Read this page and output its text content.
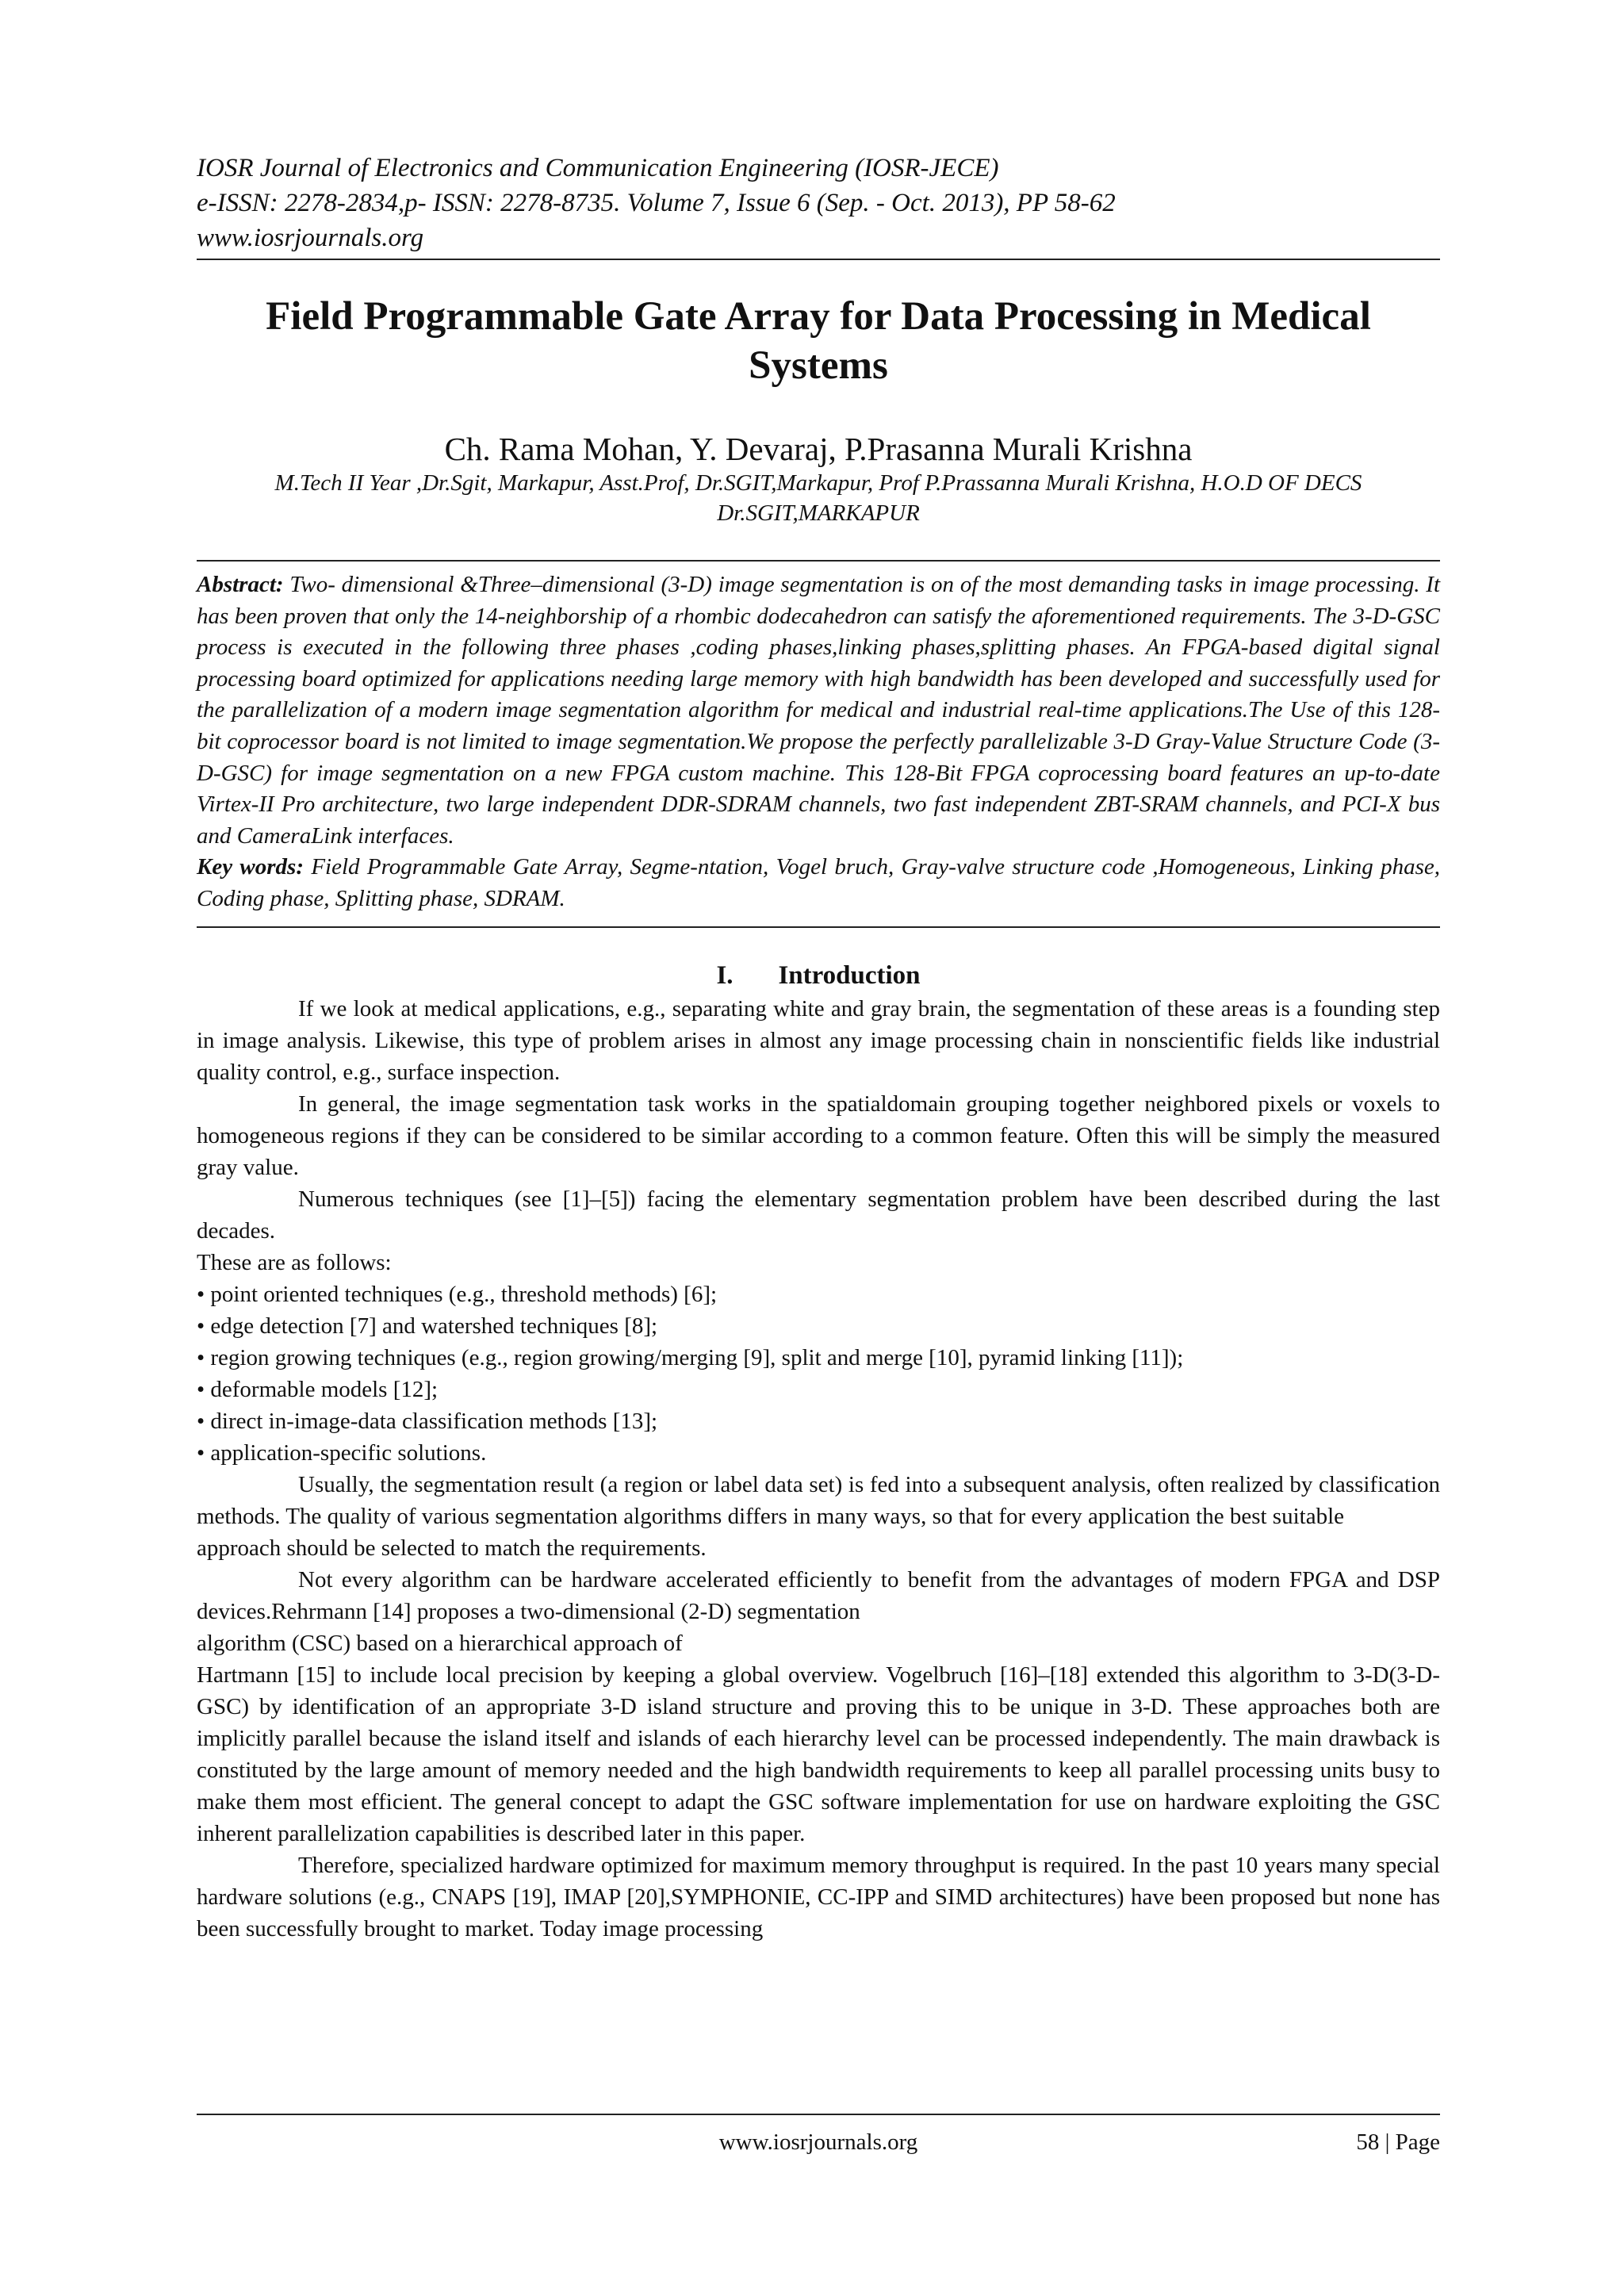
IOSR Journal of Electronics and Communication Engineering (IOSR-JECE)
e-ISSN: 2278-2834,p- ISSN: 2278-8735. Volume 7, Issue 6 (Sep. - Oct. 2013), PP 58-62
www.iosrjournals.org
Field Programmable Gate Array for Data Processing in Medical
Systems
Ch. Rama Mohan, Y. Devaraj, P.Prasanna Murali Krishna
M.Tech II Year ,Dr.Sgit, Markapur, Asst.Prof, Dr.SGIT,Markapur, Prof P.Prassanna Murali Krishna, H.O.D OF DECS Dr.SGIT,MARKAPUR

Abstract: Two- dimensional &Three–dimensional (3-D) image segmentation is on of the most demanding tasks in image processing. It has been proven that only the 14-neighborship of a rhombic dodecahedron can satisfy the aforementioned requirements. The 3-D-GSC process is executed in the following three phases ,coding phases,linking phases,splitting phases. An FPGA-based digital signal processing board optimized for applications needing large memory with high bandwidth has been developed and successfully used for the parallelization of a modern image segmentation algorithm for medical and industrial real-time applications.The Use of this 128-bit coprocessor board is not limited to image segmentation.We propose the perfectly parallelizable 3-D Gray-Value Structure Code (3-D-GSC) for image segmentation on a new FPGA custom machine. This 128-Bit FPGA coprocessing board features an up-to-date Virtex-II Pro architecture, two large independent DDR-SDRAM channels, two fast independent ZBT-SRAM channels, and PCI-X bus and CameraLink interfaces.

Key words: Field Programmable Gate Array, Segme-ntation, Vogel bruch, Gray-valve structure code ,Homogeneous, Linking phase, Coding phase, Splitting phase, SDRAM.

I. Introduction

If we look at medical applications, e.g., separating white and gray brain, the segmentation of these areas is a founding step in image analysis. Likewise, this type of problem arises in almost any image processing chain in nonscientific fields like industrial quality control, e.g., surface inspection.

In general, the image segmentation task works in the spatialdomain grouping together neighbored pixels or voxels to homogeneous regions if they can be considered to be similar according to a common feature. Often this will be simply the measured gray value.

Numerous techniques (see [1]–[5]) facing the elementary segmentation problem have been described during the last decades.

These are as follows:

• point oriented techniques (e.g., threshold methods) [6];

• edge detection [7] and watershed techniques [8];

• region growing techniques (e.g., region growing/merging [9], split and merge [10], pyramid linking [11]);

• deformable models [12];

• direct in-image-data classification methods [13];

• application-specific solutions.

Usually, the segmentation result (a region or label data set) is fed into a subsequent analysis, often realized by classification methods. The quality of various segmentation algorithms differs in many ways, so that for every application the best suitable

approach should be selected to match the requirements.

Not every algorithm can be hardware accelerated efficiently to benefit from the advantages of modern FPGA and DSP devices.Rehrmann [14] proposes a two-dimensional (2-D) segmentation

algorithm (CSC) based on a hierarchical approach of

Hartmann [15] to include local precision by keeping a global overview. Vogelbruch [16]–[18] extended this algorithm to 3-D(3-D-GSC) by identification of an appropriate 3-D island structure and proving this to be unique in 3-D. These approaches both are implicitly parallel because the island itself and islands of each hierarchy level can be processed independently. The main drawback is constituted by the large amount of memory needed and the high bandwidth requirements to keep all parallel processing units busy to make them most efficient. The general concept to adapt the GSC software implementation for use on hardware exploiting the GSC inherent parallelization capabilities is described later in this paper.

Therefore, specialized hardware optimized for maximum memory throughput is required. In the past 10 years many special hardware solutions (e.g., CNAPS [19], IMAP [20],SYMPHONIE, CC-IPP and SIMD architectures) have been proposed but none has been successfully brought to market. Today image processing

www.iosrjournals.org	58 | Page
